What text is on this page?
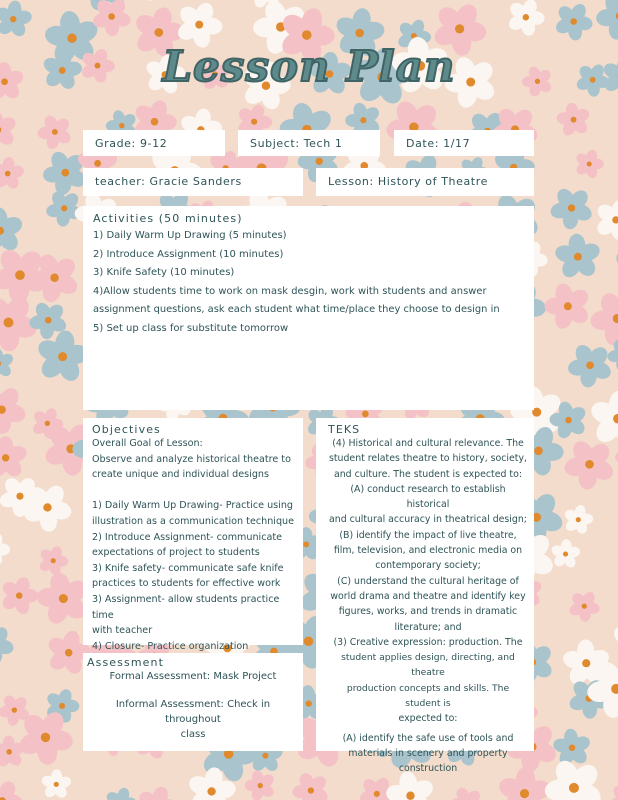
Lesson Plan
Grade: 9-12	Subject: Tech 1	Date: 1/17
teacher: Gracie Sanders	Lesson: History of Theatre
Activities (50 minutes)
1) Daily Warm Up Drawing (5 minutes)
2) Introduce Assignment (10 minutes)
3) Knife Safety (10 minutes)
4)Allow students time to work on mask desgin, work with students and answer
assignment questions, ask each student what time/place they choose to design in
5) Set up class for substitute tomorrow
Objectives
Overall Goal of Lesson:
Observe and analyze historical theatre to
create unique and individual designs
1) Daily Warm Up Drawing- Practice using
illustration as a communication technique
2) Introduce Assignment- communicate
expectations of project to students
3) Knife safety- communicate safe knife
practices to students for effective work
3) Assignment- allow students practice time
with teacher
4) Closure- Practice organization
Assessment
Formal Assessment: Mask Project
Informal Assessment: Check in throughout
class
TEKS
(4) Historical and cultural relevance. The
student relates theatre to history, society,
and culture. The student is expected to:
(A) conduct research to establish historical
and cultural accuracy in theatrical design;
(B) identify the impact of live theatre,
film, television, and electronic media on
contemporary society;
(C) understand the cultural heritage of
world drama and theatre and identify key
figures, works, and trends in dramatic
literature; and
(3) Creative expression: production. The
student applies design, directing, and theatre
production concepts and skills. The student is
expected to:
(A) identify the safe use of tools and
materials in scenery and property
construction
